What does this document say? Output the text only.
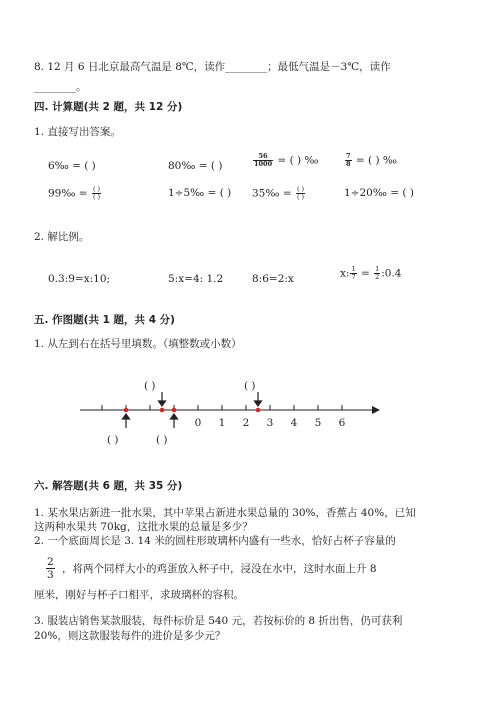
8. 12 月 6 日北京最高气温是 8℃，读作________；最低气温是－3℃，读作
________。
四. 计算题(共 2 题，共 12 分)
1. 直接写出答案。
6‰ = ( )	80‰ = ( )	$\frac{56}{1000}$ = ( ) ‰	$\frac{7}{8}$ = ( ) ‰
99‰ = $\frac{( )}{( )}$	1÷5‰ = ( ) 35‰ = $\frac{( )}{( )}$	1÷20‰ = ( )
2. 解比例。
0.3:9=x:10;	5:x=4: 1.2	8:6=2:x	x: $\frac{1}{7} = \frac{1}{2}$ :0.4
五. 作图题(共 1 题，共 4 分)
1. 从左到右在括号里填数。（填整数或小数）
( )	( )
( )	( )
0 1 2 3 4 5 6
六. 解答题(共 6 题，共 35 分)
1. 某水果店新进一批水果，其中苹果占新进水果总量的 30%，香蕉占 40%，已知
这两种水果共 70kg，这批水果的总量是多少？
2. 一个底面周长是 3. 14 米的圆柱形玻璃杯内盛有一些水，恰好占杯子容量的
$\frac{2}{3}$ ，将两个同样大小的鸡蛋放入杯子中，浸没在水中，这时水面上升 8
厘米，刚好与杯子口相平，求玻璃杯的容积。
3. 服装店销售某款服装，每件标价是 540 元，若按标价的 8 折出售，仍可获利
20%，则这款服装每件的进价是多少元？
